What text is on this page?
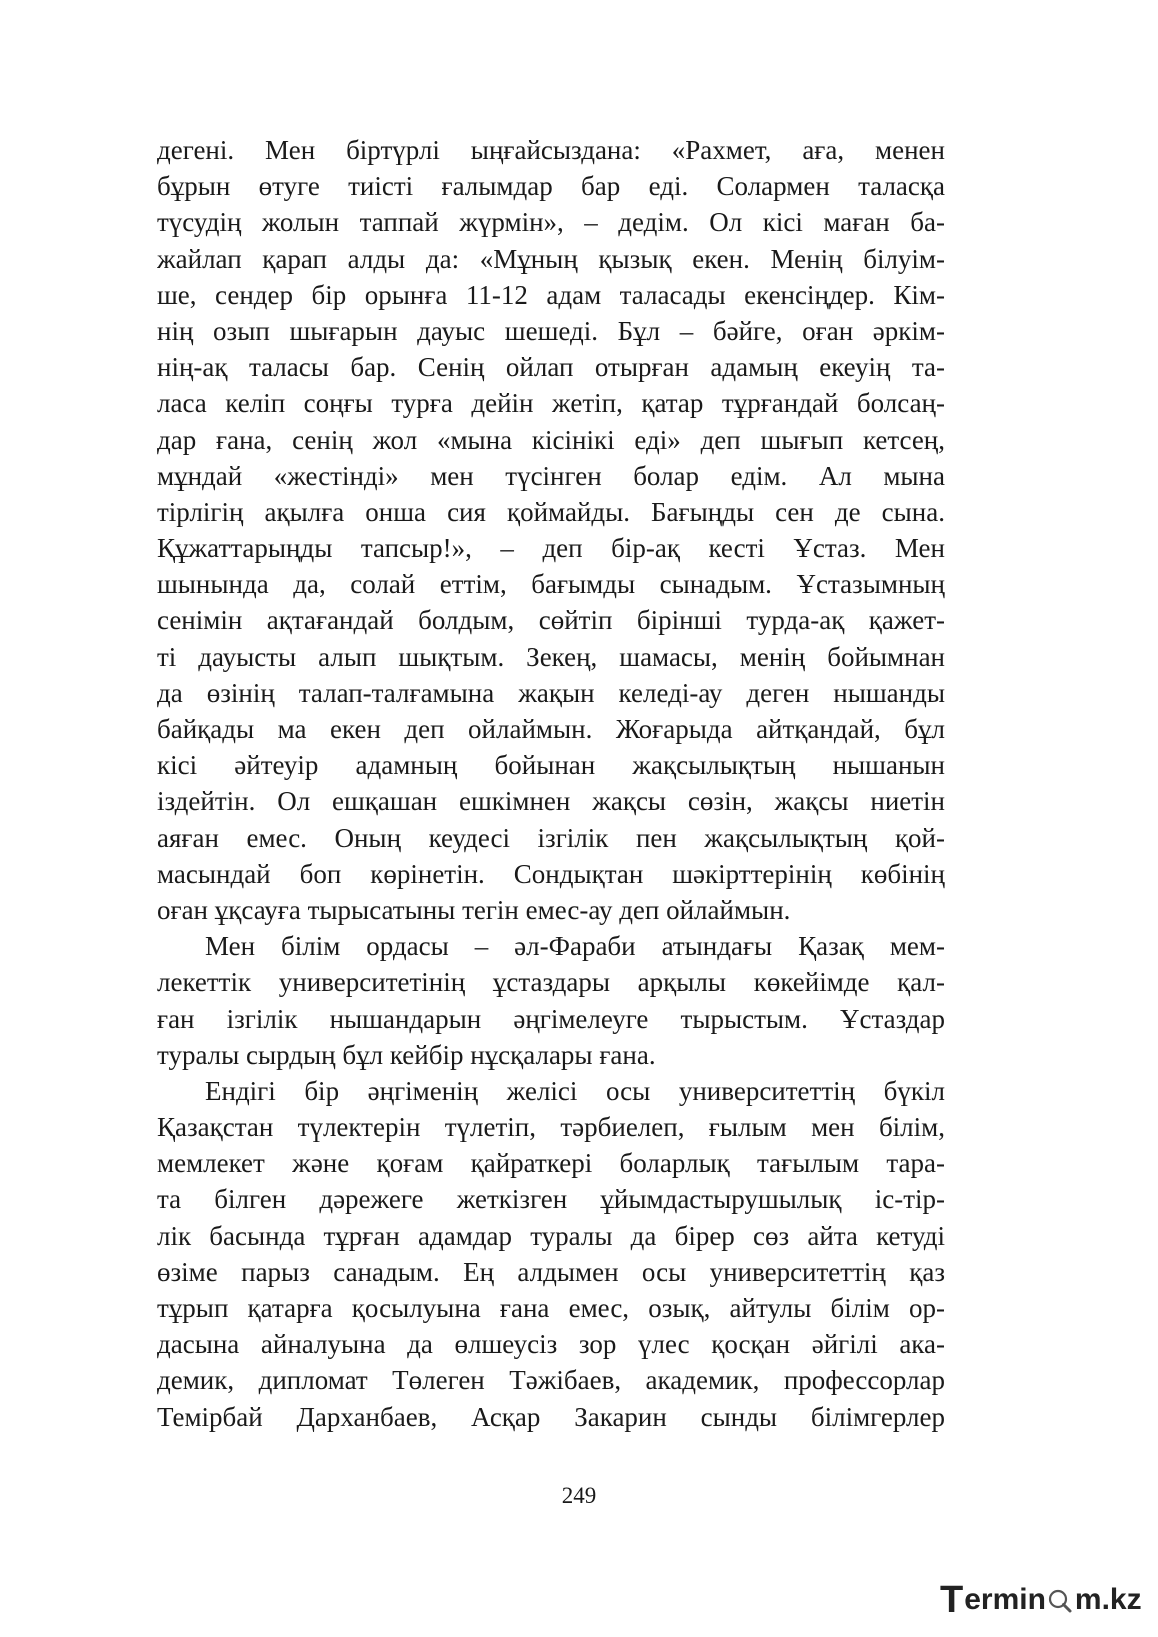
дегені. Мен біртүрлі ыңғайсыздана: «Рахмет, аға, менен
бұрын өтуге тиісті ғалымдар бар еді. Солармен таласқа
түсудің жолын таппай жүрмін», – дедім. Ол кісі маған ба-
жайлап қарап алды да: «Мұның қызық екен. Менің білуім-
ше, сендер бір орынға 11-12 адам таласады екенсіңдер. Кім-
нің озып шығарын дауыс шешеді. Бұл – бәйге, оған әркім-
нің-ақ таласы бар. Сенің ойлап отырған адамың екеуің та-
ласа келіп соңғы турға дейін жетіп, қатар тұрғандай болсаң-
дар ғана, сенің жол «мына кісінікі еді» деп шығып кетсең,
мұндай «жестінді» мен түсінген болар едім. Ал мына
тірлігің ақылға онша сия қоймайды. Бағыңды сен де сына.
Құжаттарыңды тапсыр!», – деп бір-ақ кесті Ұстаз. Мен
шынында да, солай еттім, бағымды сынадым. Ұстазымның
сенімін ақтағандай болдым, сөйтіп бірінші турда-ақ қажет-
ті дауысты алып шықтым. Зекең, шамасы, менің бойымнан
да өзінің талап-талғамына жақын келеді-ау деген нышанды
байқады ма екен деп ойлаймын. Жоғарыда айтқандай, бұл
кісі әйтеуір адамның бойынан жақсылықтың нышанын
іздейтін. Ол ешқашан ешкімнен жақсы сөзін, жақсы ниетін
аяған емес. Оның кеудесі ізгілік пен жақсылықтың қой-
масындай боп көрінетін. Сондықтан шәкірттерінің көбінің
оған ұқсауға тырысатыны тегін емес-ау деп ойлаймын.
Мен білім ордасы – әл-Фараби атындағы Қазақ мем-
лекеттік университетінің ұстаздары арқылы көкейімде қал-
ған ізгілік нышандарын әңгімелеуге тырыстым. Ұстаздар
туралы сырдың бұл кейбір нұсқалары ғана.
Ендігі бір әңгіменің желісі осы университеттің бүкіл
Қазақстан түлектерін түлетіп, тәрбиелеп, ғылым мен білім,
мемлекет және қоғам қайраткері боларлық тағылым тара-
та білген дәрежеге жеткізген ұйымдастырушылық іс-тір-
лік басында тұрған адамдар туралы да бірер сөз айта кетуді
өзіме парыз санадым. Ең алдымен осы университеттің қаз
тұрып қатарға қосылуына ғана емес, озық, айтулы білім ор-
дасына айналуына да өлшеусіз зор үлес қосқан әйгілі ака-
демик, дипломат Төлеген Тәжібаев, академик, профессорлар
Темірбай Дарханбаев, Асқар Закарин сынды білімгерлер
249
T ermin m.kz
